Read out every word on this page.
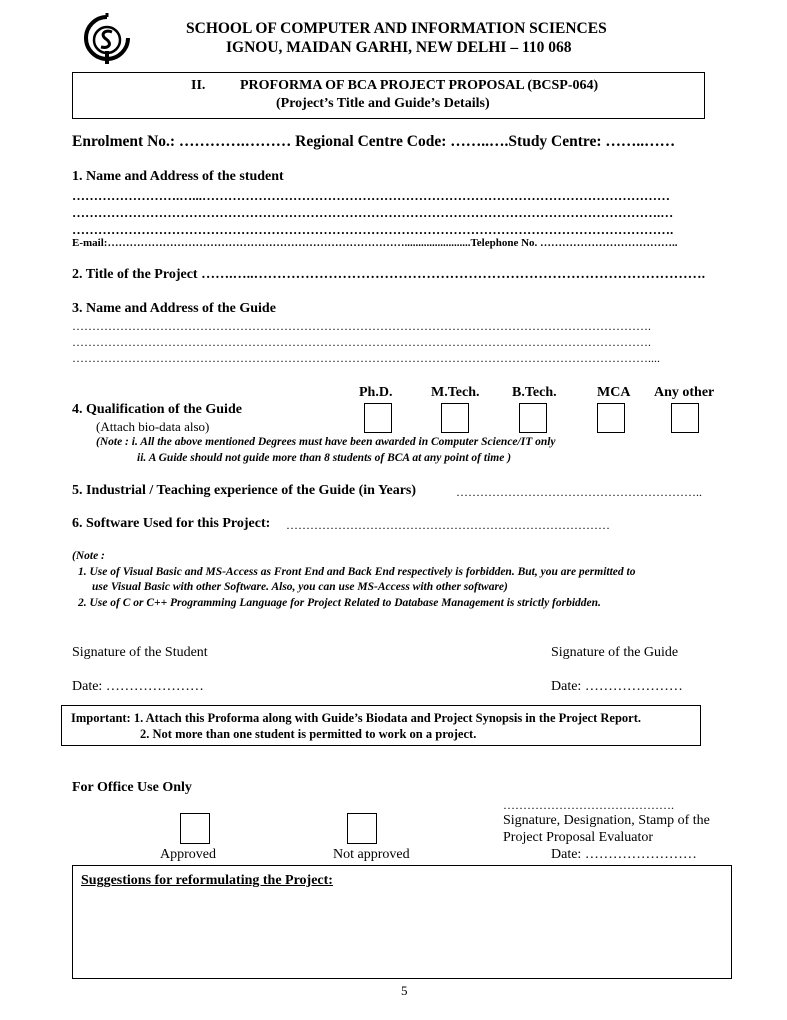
SCHOOL OF COMPUTER AND INFORMATION SCIENCES
IGNOU, MAIDAN GARHI, NEW DELHI – 110 068
II. PROFORMA OF BCA PROJECT PROPOSAL (BCSP-064)
(Project’s Title and Guide’s Details)
Enrolment No.: ………….……… Regional Centre Code: ……..….Study Centre: ……..……
1. Name and Address of the student
…………………….…...………………………………………………………………………………………………
……………………………………………………………………………………………………………………….…
………………………………………………………………………………………………………………………….
E-mail:………………………………………………………………………........................Telephone No. ………………………………..
2. Title of the Project …….…..…………………………………………………………………………………….
3. Name and Address of the Guide
……………………………………………………………………………………………………………………………….
……………………………………………………………………………………………………………………………….
………………………………………………………………………………………………………………………………....
Ph.D.	M.Tech. B.Tech.	MCA Any other
4. Qualification of the Guide
(Attach bio-data also)
(Note : i. All the above mentioned Degrees must have been awarded in Computer Science/IT only
ii. A Guide should not guide more than 8 students of BCA at any point of time )
5. Industrial / Teaching experience of the Guide (in Years)	……………………………………………………..
6. Software Used for this Project: ………………………………………………………………………
(Note :
1. Use of Visual Basic and MS-Access as Front End and Back End respectively is forbidden. But, you are permitted to
use Visual Basic with other Software. Also, you can use MS-Access with other software)
2. Use of C or C++ Programming Language for Project Related to Database Management is strictly forbidden.
Signature of the Student	Signature of the Guide
Date: …………………	Date: …………………
Important: 1. Attach this Proforma along with Guide’s Biodata and Project Synopsis in the Project Report.
2. Not more than one student is permitted to work on a project.
For Office Use Only
Approved	Not approved
…………………………………….
Signature, Designation, Stamp of the
Project Proposal Evaluator
Date: ……………………
Suggestions for reformulating the Project:
5
